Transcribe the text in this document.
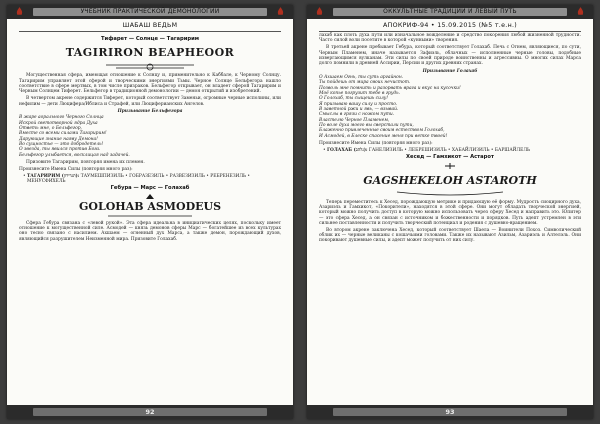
УЧЕБНИК ПРАКТИЧЕСКОЙ ДЕМОНОЛОГИИ
ШАБАШ ВЕДЬМ
Тифарет — Солнце — Тагаририм
TAGIRIRON BEAPHEOOR

Могущественная сфера, имеющая отношение к Солнцу и, применительно к Каббале, к Черному Солнцу. Тагаририм управляет этой сферой и творческими энергиями Тьмы. Черное Солнце Бельфегора нашло соответствие в сфере мертвых, в том числе призраков. Бельфегор открывает, он владеет сферой Тагаририм и Черным Солнцем Тиферет. Бельфегор в традиционной демонологии — демон открытий и изобретений.

В четвертом акрене содержится Тиферет, который соответствует Заменьи, огромные черные исполины, или нефилим — дети Люцифера/Иблиса и Страфей, или Люциферианских Ангелов.

Призывание Бельфегора
В жаре аорального Черного Солнца
Искрой светотворной ядра Духа
Ответь мне, о Бельфегор,
Вместе со всеми силами Тагаририм!
Дарующие знание наяву Демона!
Во сущностье — это добродетель!
О звезда, ты явился против Бога.
Бельфегор улыбается, восклицая над задачей.

Призовите Тагаририм, повторяя имена их племен.

Произнесите Имена Силы (повторяя много раз):

• ТАГАРИРИМ (תגרירון): ТАУМЕШПИЗИЛЬ • ГОБРАЗЕЗИЛЬ • РАЗВЕЗИЗИЛЬ • РЕБРЕНЕЗИЛЬ • МЕНУСФИХЕЛЬ
Гебура — Марс — Голахаб
GOLOHAB ASMODEUS

Сфера Гебура связана с «левой рукой». Эта сфера идеальна в инициатических целях, поскольку имеет отношение к могущественной силе. Асмодей — князь демонов сферы Марс — богатейшее из всех культурах оно тесно связано с насилием. Ахшаем — огненный дух Марса, а также демон, порождающий духов, являющийся разрушителем Неизменной мира. Призовите Голахаб.

92
ОККУЛЬТНЫЕ ТРАДИЦИИ И ЛЕВЫЙ ПУТЬ
АПОКРИФ-94 • 15.09.2015 (№5 т.е.н.)

лахаб как плоть духа пути или изначальное вожделение и средство покорения любой жизненной трудности. Часто силой воли посетите в которой «кунными» творения.

В третьей акрене пребывает Гебура, который соответствует Голахаб. Печь с Огнем, являющиеся, по сути, Черным Пламенем, иначе называется Зафиэль, облачных — исполненные черные головы, подобные извергающимся вулканам. Эти силы по своей природе воинственны и агрессивны. О многих силах Марса долго помнили в древней Ассирии, Персии и других древних странах.

Призывание Голахаб
О Ахшаем Огнь, ты суть аргайнон.
Ты пойдешь от мира своих нечистот.
Позволь мне помнить и разорвать врага и вкус на кусочки!
Моё копье погрузит тебе в грудь.
О Голохаб, ты сыщешь силу!
Я призываю вашу силу и просто.
В заветной ржи и явь, — взывай.
Смыслы в грязи с ножом пути.
Властелю Черное Пламенем,
По воле духа моего вы сверстали пути,
Блаженно привлеченные своим естеством Голохаб,
И Асмодей, в Блеске спасение меня при ветке твоей!

Произнесите Имена Силы (повторяя много раз):

• ГОЛАХАБ (גלהב): ГАНЕЛИЗИЛЬ • ЛЕБРЕШИЗИЛЬ • ХАБАЙЛИЗИЛЬ • БАРШАЙЛЕЛЬ
Хесед — Гамхикот — Астарот
GAGSHEKELOH ASTAROTH

Теперь переместитесь к Хесед, порождающую метрике и придающую её форму. Мудрость сиоцирного духа, Азариэль и Гамхикот, «Покорители», находятся в этой сфере. Они могут обладать творческой энергией, который можно получить доступ в которую можно использовать через сферу Хесед и направить это. Юпитер — это сфера Хесед, а он связан с источником и божественности и порядков. Путь адепт устремлен в эти сильнее поставленности и получить творческий потенциал и родения с душевно-вращением.

Во втором акрене заключена Хесед, который соответствует Шаела — Воинители Похоз. Символический облик их — черные великаны с кошачьими головами. Также их называют Азильм, Азариэль и Алтелэль. Они покоривают душевные силы, и адепт может получить от них силу.

93
